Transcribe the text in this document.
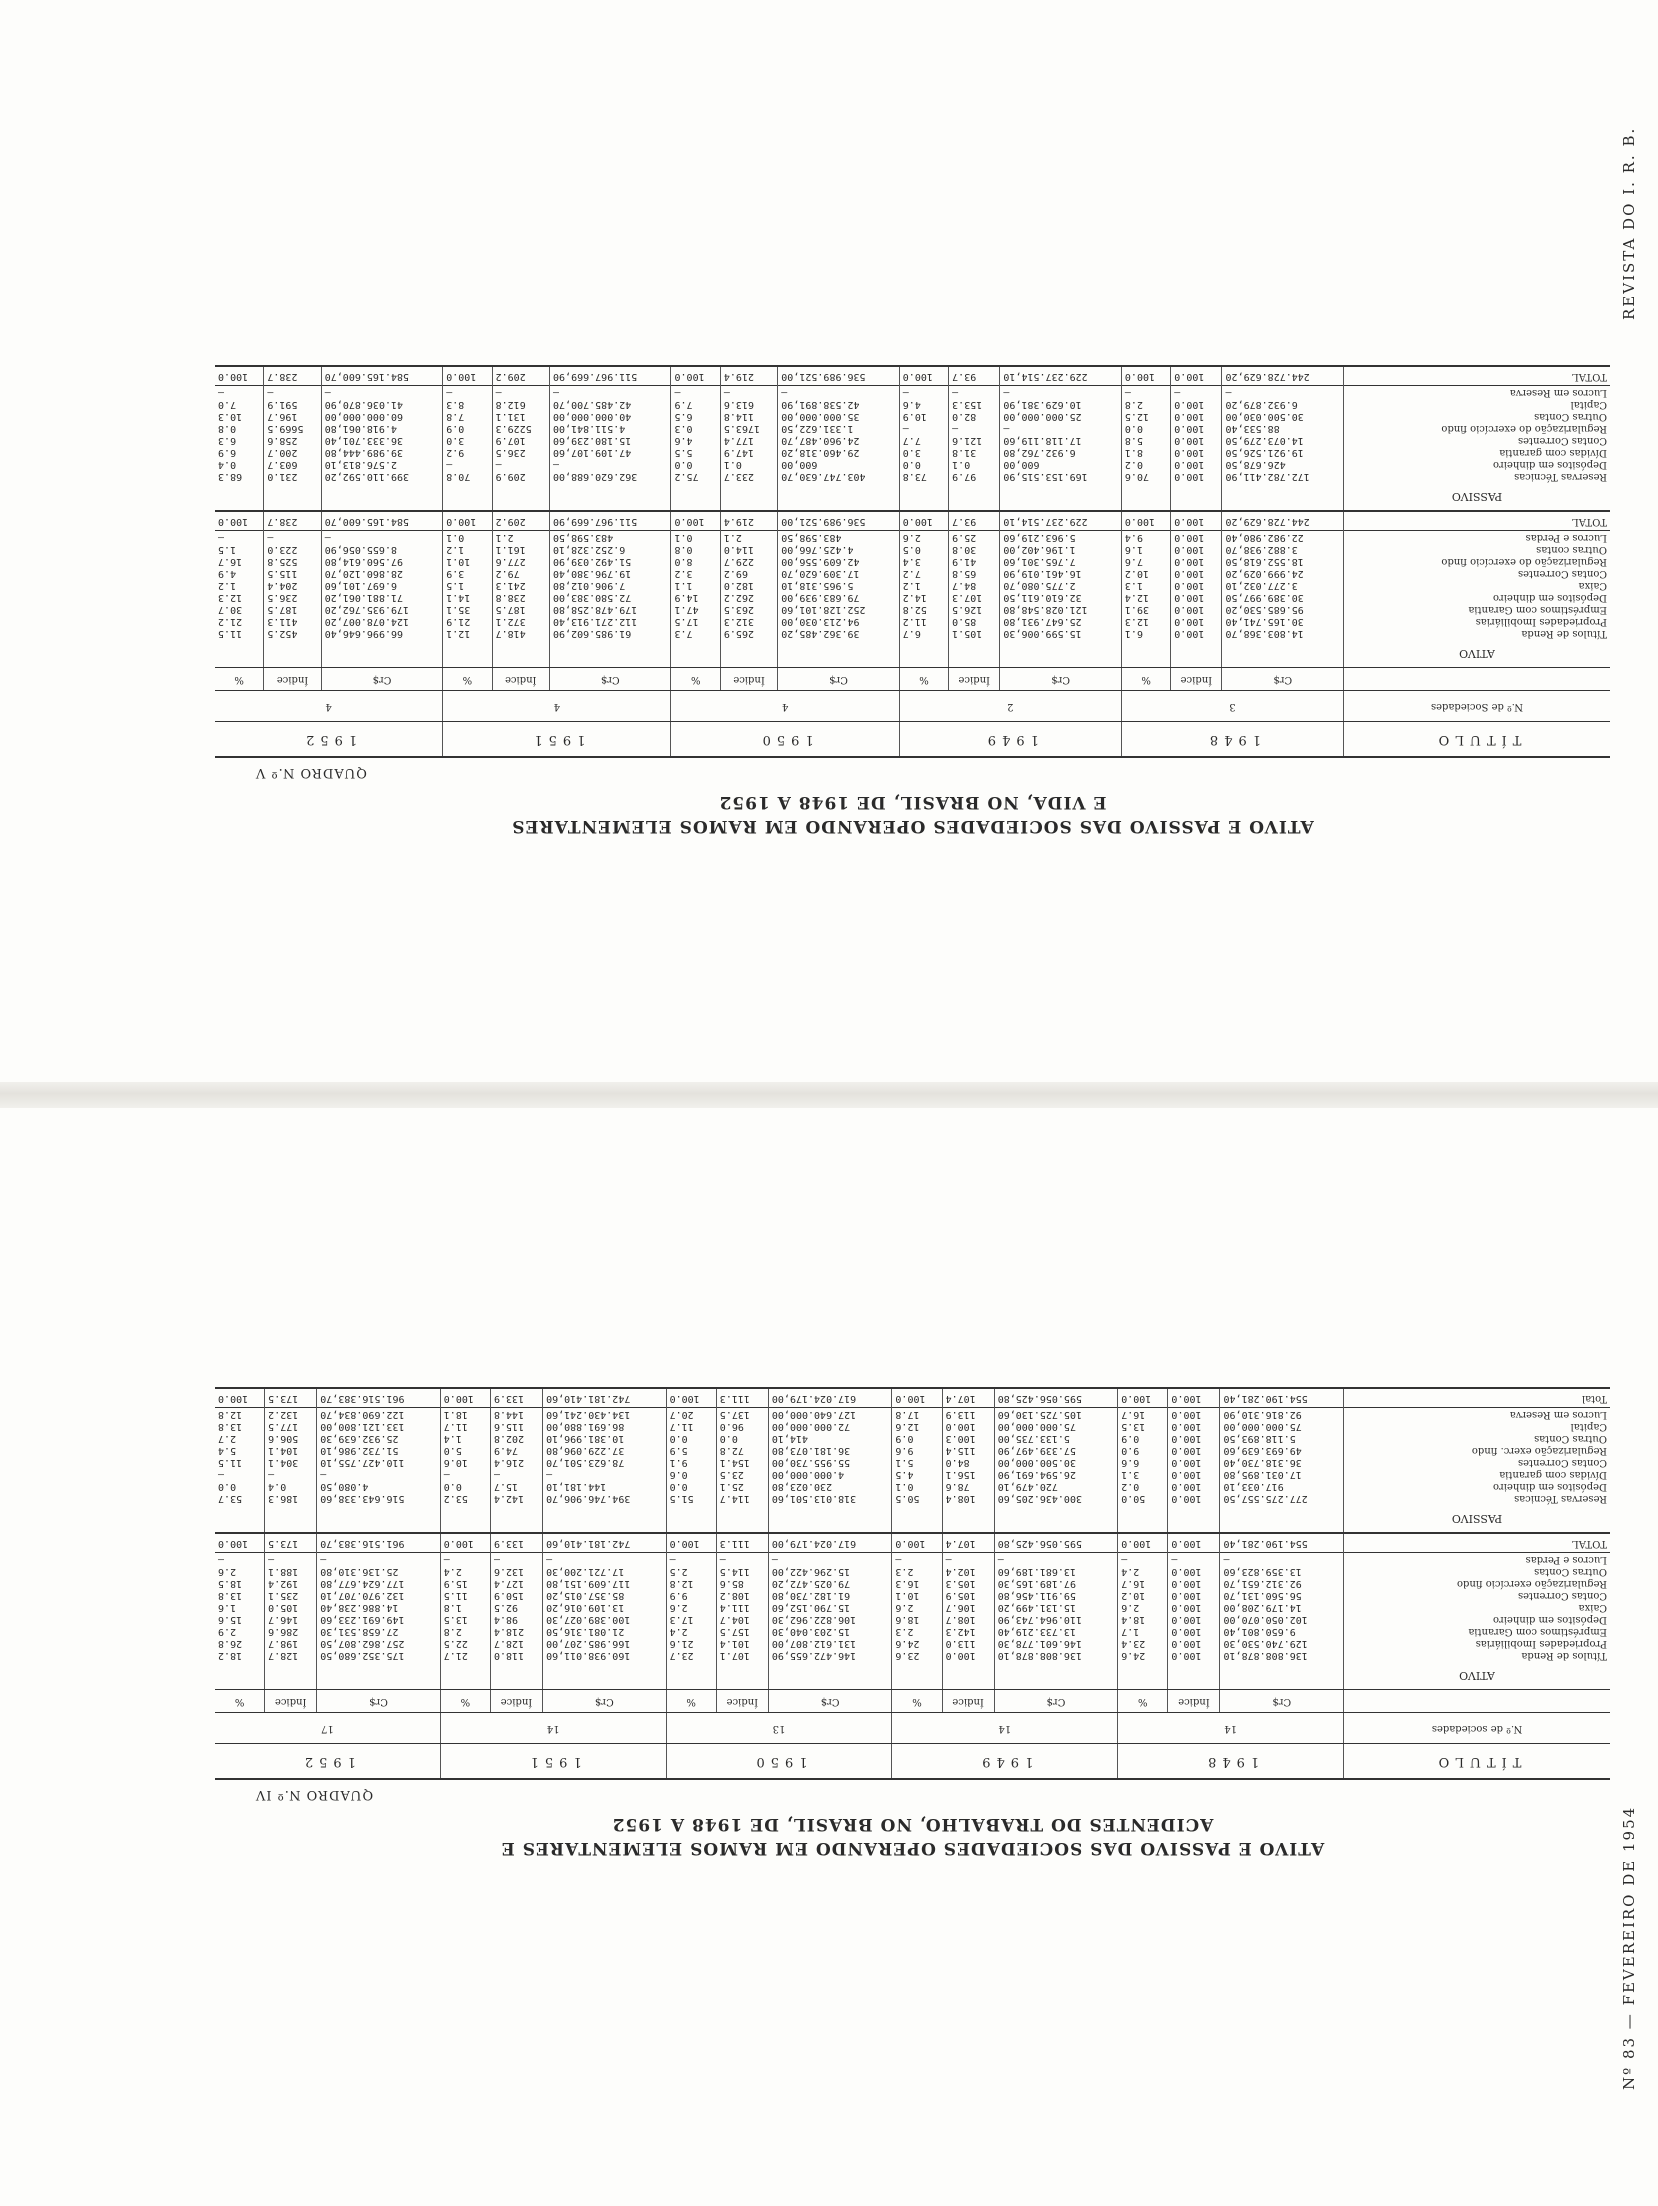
REVISTA DO I. R. B.
Nº 83 — FEVEREIRO DE 1954
ATIVO E PASSIVO DAS SOCIEDADES OPERANDO EM RAMOS ELEMENTARES
E VIDA, NO BRASIL, DE 1948 A 1952
QUADRO N.º V
TÍTULO	1948			1949			1950			1951			1952		
N.º de Sociedades	3			2			4			4			4		
	Cr$	Índice	%	Cr$	Índice	%	Cr$	Índice	%	Cr$	Índice	%	Cr$	Índice	%
ATIVO															
Títulos de Renda	14.803.368,70	100.0	6.1	15.599.006,30	105.1	6.7	39.362.485,20	265.9	7.3	61.985.602,90	418.7	12.1	66.996.646,40	452.5	11.5
Propriedades Imobiliárias	30.165.741,40	100.0	12.3	25.647.931,80	85.0	11.2	94.213.030,00	312.3	17.5	112.271.913,40	372.1	21.9	124.078.007,20	411.3	21.2
Empréstimos com Garantia	95.685.530,20	100.0	39.1	121.028.548,80	126.5	52.8	252.128.101,60	263.5	47.1	179.478.258,80	187.5	35.1	179.935.762,20	187.5	30.7
Depósitos em dinheiro	30.389.997,50	100.0	12.4	32.610.611,50	107.3	14.2	79.683.939,00	262.2	14.9	72.580.383,00	238.8	14.1	71.881.061,20	236.5	12.3
Caixa	3.277.032,10	100.0	1.3	2.775.080,70	84.7	1.2	5.965.318,10	182.0	1.1	7.906.012,80	241.3	1.5	6.697.101,60	204.4	1.2
Contas Correntes	24.999.029,20	100.0	10.2	16.461.019,90	65.8	7.2	17.309.620,70	69.2	3.2	19.796.380,40	79.2	3.9	28.860.120,70	115.5	4.9
Regularização do exercício findo	18.552.618,50	100.0	7.6	7.765.301,60	41.9	3.4	42.609.556,00	229.7	8.0	51.492.039,90	277.6	10.1	97.560.614,80	525.8	16.7
Outras contas	3.882.938,70	100.0	1.6	1.196.402,00	30.8	0.5	4.425.766,00	114.0	0.8	6.252.328,10	161.1	1.2	8.655.056,90	223.0	1.5
Lucros e Perdas	22.982.980,40	100.0	9.4	5.963.219,60	25.9	2.6	483.598,50	2.1	0.1	483.598,50	2.1	0.1	—	—	—
TOTAL	244.728.629,20	100.0	100.0	229.237.514,10	93.7	100.0	536.989.521,00	219.4	100.0	511.967.669,90	209.2	100.0	584.165.600,70	238.7	100.0
PASSIVO															
Reservas Técnicas	172.782.411,90	100.0	70.6	169.153.515,90	97.9	73.8	403.747.630,70	233.7	75.2	362.620.688,00	209.9	70.8	399.110.592,20	231.0	68.3
Depósitos em dinheiro	426.678,50	100.0	0.2	600,00	0.1	0.0	600,00	0.1	0.0	—	—	—	2.576.813,10	603.7	0.4
Dívidas com garantia	19.921.526,50	100.0	8.1	6.932.762,80	31.8	3.0	29.460.318,20	147.9	5.5	47.109.107,60	236.5	9.2	39.989.444,80	200.7	6.9
Contas Correntes	14.073.279,50	100.0	5.8	17.118.119,60	121.6	7.7	24.960.487,70	177.4	4.6	15.180.239,60	107.9	3.0	36.333.701,40	258.6	6.3
Regularização do exercício findo	88.533,40	100.0	0.0	—	—	—	1.331.622,50	1763.5	0.3	4.511.841,00	5229.3	0.9	4.918.061,80	5669.5	0.8
Outras Contas	30.500.030,00	100.0	12.5	25.000.000,00	82.0	10.9	35.000.000,00	114.8	6.5	40.000.000,00	131.1	7.8	60.000.000,00	196.7	10.3
Capital	6.932.879,20	100.0	2.8	10.629.381,90	153.3	4.6	42.538.891,90	613.6	7.9	42.485.700,70	612.8	8.3	41.036.870,90	591.9	7.0
Lucros em Reserva	—	—	—	—	—	—	—	—	—	—	—	—	—	—	—
TOTAL	244.728.629,20	100.0	100.0	229.237.514,10	93.7	100.0	536.989.521,00	219.4	100.0	511.967.669,90	209.2	100.0	584.165.600,70	238.7	100.0
ATIVO E PASSIVO DAS SOCIEDADES OPERANDO EM RAMOS ELEMENTARES E
ACIDENTES DO TRABALHO, NO BRASIL, DE 1948 A 1952
QUADRO N.º IV
TÍTULO	1948			1949			1950			1951			1952		
N.º de sociedades	14			14			13			14			17		
	Cr$	Índice	%	Cr$	Índice	%	Cr$	Índice	%	Cr$	Índice	%	Cr$	Índice	%
ATIVO															
Títulos de Renda	136.808.878,10	100.0	24.6	136.808.878,10	100.0	23.6	146.472.655,90	107.1	23.7	160.938.011,60	118.0	21.7	175.352.680,50	128.7	18.2
Propriedades Imobiliárias	129.740.530,30	100.0	23.4	146.601.778,30	113.0	24.6	131.612.807,00	101.4	21.6	166.985.207,00	128.7	22.5	257.862.807,50	198.7	26.8
Empréstimos com Garantia	9.650.801,40	100.0	1.7	13.733.219,40	142.3	2.3	15.203.040,30	157.5	2.4	21.081.316,50	218.4	2.8	27.658.531,30	286.6	2.9
Depósitos em dinheiro	102.050.070,00	100.0	18.4	110.964.743,90	108.7	18.6	106.822.962,30	104.7	17.3	100.389.027,30	98.4	13.5	149.691.233,60	146.7	15.6
Caixa	14.179.208,00	100.0	2.6	15.131.499,20	106.7	2.6	15.790.152,60	111.4	2.6	13.109.016,20	92.5	1.8	14.886.238,40	105.0	1.6
Contas Correntes	56.560.131,70	100.0	10.2	59.911.456,80	105.9	10.1	61.182.730,80	108.2	9.9	85.357.015,20	150.9	11.5	132.970.707,10	235.1	13.8
Regularização exercício findo	92.312.651,70	100.0	16.7	97.189.165,30	105.3	16.3	79.025.472,20	85.6	12.8	117.609.151,80	127.4	15.9	177.624.677,80	192.4	18.5
Outras Contas	13.359.823,60	100.0	2.4	13.681.189,60	102.4	2.3	15.296.422,00	114.5	2.5	17.721.200,30	132.6	2.4	25.136.310,80	188.1	2.6
Lucros e Perdas	—	—	—	—	—	—	—	—	—	—	—	—	—	—	—
TOTAL	554.190.281,40	100.0	100.0	595.056.425,80	107.4	100.0	617.024.179,00	111.3	100.0	742.181.410,60	133.9	100.0	961.516.383,70	173.5	100.0
PASSIVO															
Reservas Técnicas	277.275.557,50	100.0	50.0	300.436.205,60	108.4	50.5	318.013.501,60	114.7	51.5	394.746.906,70	142.4	53.2	516.643.338,60	186.3	53.7
Depósitos em dinheiro	917.033,10	100.0	0.2	720.479,10	78.6	0.1	230.023,80	25.1	0.0	144.181,10	15.7	0.0	4.080,50	0.4	0.0
Dívidas com garantia	17.031.895,80	100.0	3.1	26.594.691,90	156.1	4.5	4.000.000,00	23.5	0.6	—	—	—	—	—	—
Contas Correntes	36.318.730,40	100.0	6.6	30.500.000,00	84.0	5.1	55.955.730,00	154.1	9.1	78.623.501,70	216.4	10.6	110.427.755,10	304.1	11.5
Regularização exerc. findo	49.693.639,60	100.0	9.0	57.339.497,90	115.4	9.6	36.181.073,80	72.8	5.9	37.229.096,80	74.9	5.0	51.732.986,10	104.1	5.4
Outras Contas	5.118.893,50	100.0	0.9	5.133.735,00	100.3	0.9	414,10	0.0	0.0	10.381.996,10	202.8	1.4	25.932.639,30	506.6	2.7
Capital	75.000.000,00	100.0	13.5	75.000.000,00	100.0	12.6	72.000.000,00	96.0	11.7	86.691.880,00	115.6	11.7	133.121.800,00	177.5	13.8
Lucros em Reserva	92.816.310,90	100.0	16.7	105.725.130,60	113.9	17.8	127.640.000,00	137.5	20.7	134.430.241,60	144.8	18.1	122.690.834,70	132.2	12.8
Total	554.190.281,40	100.0	100.0	595.056.425,80	107.4	100.0	617.024.179,00	111.3	100.0	742.181.410,60	133.9	100.0	961.516.383,70	173.5	100.0
